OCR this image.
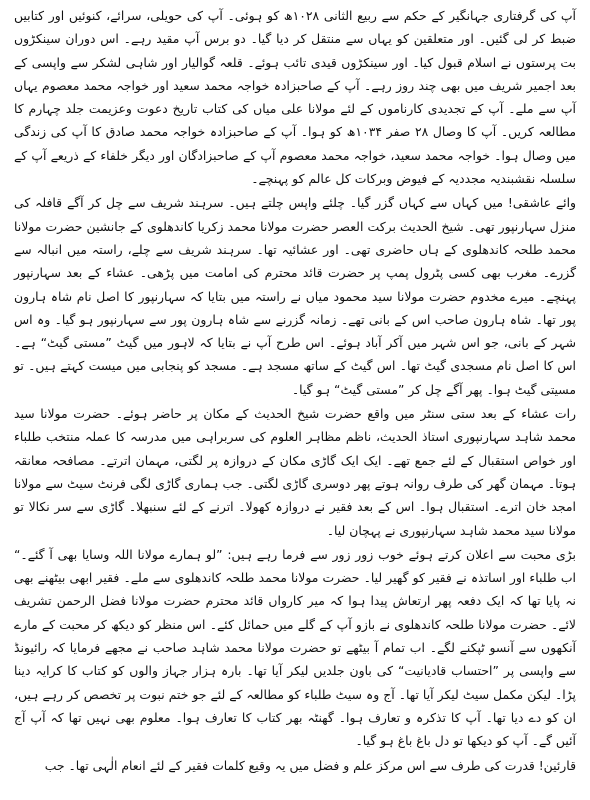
آپ کی گرفتاری جہانگیر کے حکم سے ربیع الثانی ۱۰۲۸ھ کو ہوئی۔ آپ کی حویلی، سرائے، کنوئیں اور کتابیں ضبط کر لی گئیں۔ اور متعلقین کو یہاں سے منتقل کر دیا گیا۔ دو برس آپ مقید رہے۔ اس دوران سینکڑوں بت پرستوں نے اسلام قبول کیا۔ اور سینکڑوں قیدی تائب ہوئے۔ قلعہ گوالیار اور شاہی لشکر سے واپسی کے بعد اجمیر شریف میں بھی چند روز رہے۔ آپ کے صاحبزادہ خواجہ محمد سعید اور خواجہ محمد معصوم یہاں آپ سے ملے۔ آپ کے تجدیدی کارناموں کے لئے مولانا علی میاں کی کتاب تاریخ دعوت وعزیمت جلد چہارم کا مطالعہ کریں۔ آپ کا وصال ۲۸ صفر ۱۰۳۴ھ کو ہوا۔ آپ کے صاحبزادہ خواجہ محمد صادق کا آپ کی زندگی میں وصال ہوا۔ خواجہ محمد سعید، خواجہ محمد معصوم آپ کے صاحبزادگان اور دیگر خلفاء کے ذریعے آپ کے سلسلہ نقشبندیہ مجددیہ کے فیوض وبرکات کل عالم کو پہنچے۔

وائے عاشقی! میں کہاں سے کہاں گزر گیا۔ چلئے واپس چلتے ہیں۔ سرہند شریف سے چل کر آگے قافلہ کی منزل سہارنپور تھی۔ شیخ الحدیث برکت العصر حضرت مولانا محمد زکریا کاندھلوی کے جانشین حضرت مولانا محمد طلحہ کاندھلوی کے ہاں حاضری تھی۔ اور عشائیہ تھا۔ سرہند شریف سے چلے، راستہ میں انبالہ سے گزرے۔ مغرب بھی کسی پٹرول پمپ پر حضرت قائد محترم کی امامت میں پڑھی۔ عشاء کے بعد سہارنپور پہنچے۔ میرے مخدوم حضرت مولانا سید محمود میاں نے راستہ میں بتایا کہ سہارنپور کا اصل نام شاہ ہارون پور تھا۔ شاہ ہارون صاحب اس کے بانی تھے۔ زمانہ گزرنے سے شاہ ہارون پور سے سہارنپور ہو گیا۔ وہ اس شہر کے بانی، جو اس شہر میں آکر آباد ہوئے۔ اس طرح آپ نے بتایا کہ لاہور میں گیٹ ”مستی گیٹ“ ہے۔ اس کا اصل نام مسجدی گیٹ تھا۔ اس گیٹ کے ساتھ مسجد ہے۔ مسجد کو پنجابی میں میست کہتے ہیں۔ تو مسیتی گیٹ ہوا۔ پھر آگے چل کر ”مستی گیٹ“ ہو گیا۔

رات عشاء کے بعد ستی سنٹر میں واقع حضرت شیخ الحدیث کے مکان پر حاضر ہوئے۔ حضرت مولانا سید محمد شاہد سہارنپوری استاذ الحدیث، ناظم مظاہر العلوم کی سربراہی میں مدرسہ کا عملہ منتخب طلباء اور خواص استقبال کے لئے جمع تھے۔ ایک ایک گاڑی مکان کے دروازہ پر لگتی، مہمان اترتے۔ مصافحہ معانقہ ہوتا۔ مہمان گھر کی طرف روانہ ہوتے پھر دوسری گاڑی لگتی۔ جب ہماری گاڑی لگی فرنٹ سیٹ سے مولانا امجد خان اترے۔ استقبال ہوا۔ اس کے بعد فقیر نے دروازہ کھولا۔ اترنے کے لئے سنبھلا۔ گاڑی سے سر نکالا تو مولانا سید محمد شاہد سہارنپوری نے پہچان لیا۔

بڑی محبت سے اعلان کرتے ہوئے خوب زور زور سے فرما رہے ہیں: ”لو ہمارے مولانا اللہ وسایا بھی آ گئے۔“ اب طلباء اور اساتذہ نے فقیر کو گھیر لیا۔ حضرت مولانا محمد طلحہ کاندھلوی سے ملے۔ فقیر ابھی بیٹھنے بھی نہ پایا تھا کہ ایک دفعہ پھر ارتعاش پیدا ہوا کہ میر کارواں قائد محترم حضرت مولانا فضل الرحمن تشریف لائے۔ حضرت مولانا طلحہ کاندھلوی نے بازو آپ کے گلے میں حمائل کئے۔ اس منظر کو دیکھ کر محبت کے مارے آنکھوں سے آنسو ٹپکنے لگے۔ اب تمام آ بیٹھے تو حضرت مولانا محمد شاہد صاحب نے مجھے فرمایا کہ رائیونڈ سے واپسی پر ”احتساب قادیانیت“ کی باون جلدیں لیکر آیا تھا۔ بارہ ہزار جہاز والوں کو کتاب کا کرایہ دینا پڑا۔ لیکن مکمل سیٹ لیکر آیا تھا۔ آج وہ سیٹ طلباء کو مطالعہ کے لئے جو ختم نبوت پر تخصص کر رہے ہیں، ان کو دے دیا تھا۔ آپ کا تذکرہ و تعارف ہوا۔ گھنٹہ بھر کتاب کا تعارف ہوا۔ معلوم بھی نہیں تھا کہ آپ آج آئیں گے۔ آپ کو دیکھا تو دل باغ باغ ہو گیا۔

قارئین! قدرت کی طرف سے اس مرکز علم و فضل میں یہ وقیع کلمات فقیر کے لئے انعام الٰہی تھا۔ جب
